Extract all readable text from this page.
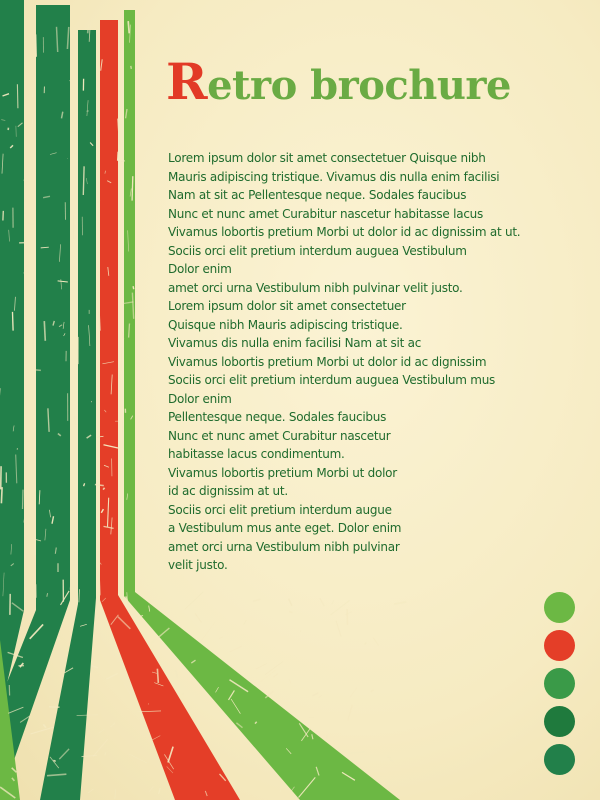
Retro brochure
Lorem ipsum dolor sit amet consectetuer Quisque nibh
Mauris adipiscing tristique. Vivamus dis nulla enim facilisi
Nam at sit ac Pellentesque neque. Sodales faucibus
Nunc et nunc amet Curabitur nascetur habitasse lacus
Vivamus lobortis pretium Morbi ut dolor id ac dignissim at ut.
Sociis orci elit pretium interdum auguea Vestibulum
Dolor enim
amet orci urna Vestibulum nibh pulvinar velit justo.
Lorem ipsum dolor sit amet consectetuer
Quisque nibh Mauris adipiscing tristique.
Vivamus dis nulla enim facilisi Nam at sit ac
Vivamus lobortis pretium Morbi ut dolor id ac dignissim
Sociis orci elit pretium interdum auguea Vestibulum mus
Dolor enim
Pellentesque neque. Sodales faucibus
Nunc et nunc amet Curabitur nascetur
habitasse lacus condimentum.
Vivamus lobortis pretium Morbi ut dolor
id ac dignissim at ut.
Sociis orci elit pretium interdum augue
a Vestibulum mus ante eget. Dolor enim
amet orci urna Vestibulum nibh pulvinar
velit justo.
